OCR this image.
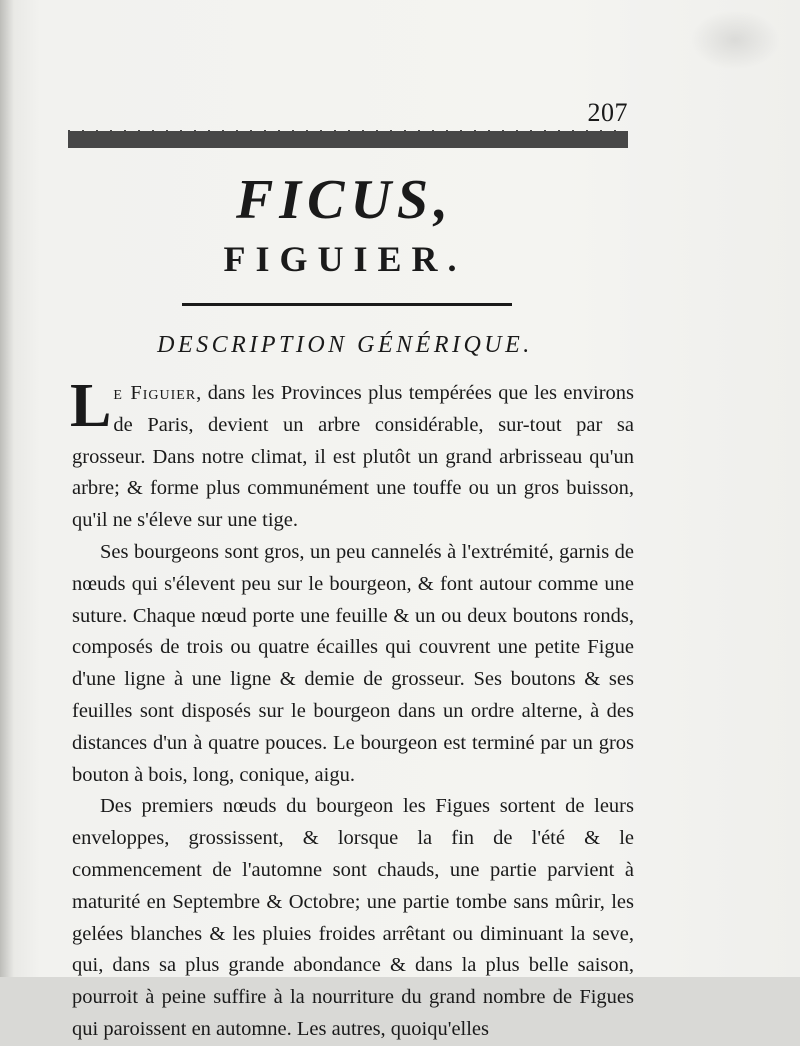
207
FICUS,
FIGUIER.
DESCRIPTION GÉNÉRIQUE.

Le Figuier, dans les Provinces plus tempérées que les environs de Paris, devient un arbre considérable, sur-tout par sa grosseur. Dans notre climat, il est plutôt un grand arbrisseau qu'un arbre; & forme plus communément une touffe ou un gros buisson, qu'il ne s'éleve sur une tige.

Ses bourgeons sont gros, un peu cannelés à l'extrémité, garnis de nœuds qui s'élevent peu sur le bourgeon, & font autour comme une suture. Chaque nœud porte une feuille & un ou deux boutons ronds, composés de trois ou quatre écailles qui couvrent une petite Figue d'une ligne à une ligne & demie de grosseur. Ses boutons & ses feuilles sont disposés sur le bourgeon dans un ordre alterne, à des distances d'un à quatre pouces. Le bourgeon est terminé par un gros bouton à bois, long, conique, aigu.

Des premiers nœuds du bourgeon les Figues sortent de leurs enveloppes, grossissent, & lorsque la fin de l'été & le commencement de l'automne sont chauds, une partie parvient à maturité en Septembre & Octobre; une partie tombe sans mûrir, les gelées blanches & les pluies froides arrêtant ou diminuant la seve, qui, dans sa plus grande abondance & dans la plus belle saison, pourroit à peine suffire à la nourriture du grand nombre de Figues qui paroissent en automne. Les autres, quoiqu'elles
